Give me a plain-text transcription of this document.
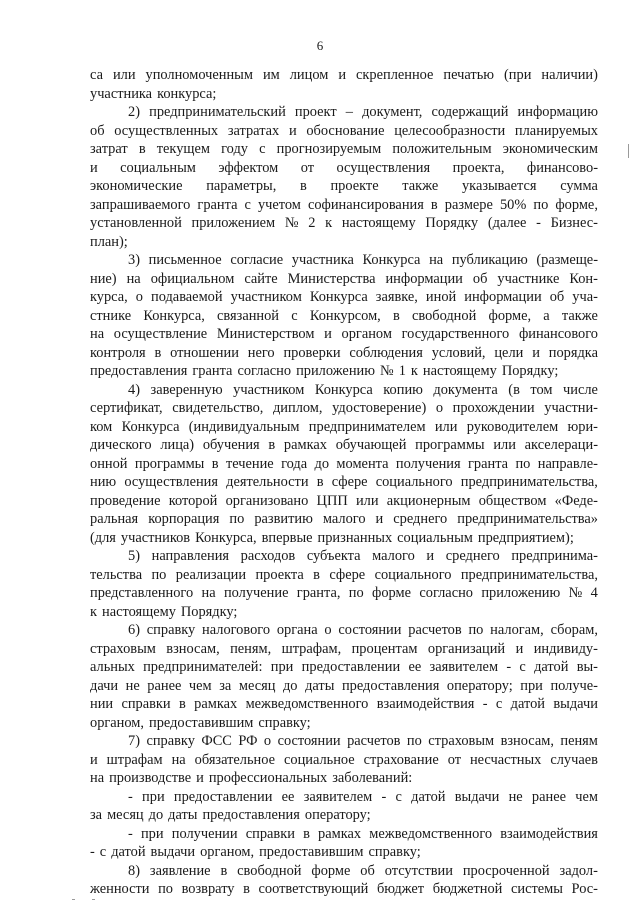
6
са или уполномоченным им лицом и скрепленное печатью (при наличии)
участника конкурса;
2) предпринимательский проект – документ, содержащий информацию
об осуществленных затратах и обоснование целесообразности планируемых
затрат в текущем году с прогнозируемым положительным экономическим
и социальным эффектом от осуществления проекта, финансово-
экономические параметры, в проекте также указывается сумма
запрашиваемого гранта с учетом софинансирования в размере 50% по форме,
установленной приложением № 2 к настоящему Порядку (далее - Бизнес-
план);
3) письменное согласие участника Конкурса на публикацию (размеще-
ние) на официальном сайте Министерства информации об участнике Кон-
курса, о подаваемой участником Конкурса заявке, иной информации об уча-
стнике Конкурса, связанной с Конкурсом, в свободной форме, а также
на осуществление Министерством и органом государственного финансового
контроля в отношении него проверки соблюдения условий, цели и порядка
предоставления гранта согласно приложению № 1 к настоящему Порядку;
4) заверенную участником Конкурса копию документа (в том числе
сертификат, свидетельство, диплом, удостоверение) о прохождении участни-
ком Конкурса (индивидуальным предпринимателем или руководителем юри-
дического лица) обучения в рамках обучающей программы или акселераци-
онной программы в течение года до момента получения гранта по направле-
нию осуществления деятельности в сфере социального предпринимательства,
проведение которой организовано ЦПП или акционерным обществом «Феде-
ральная корпорация по развитию малого и среднего предпринимательства»
(для участников Конкурса, впервые признанных социальным предприятием);
5) направления расходов субъекта малого и среднего предпринима-
тельства по реализации проекта в сфере социального предпринимательства,
представленного на получение гранта, по форме согласно приложению № 4
к настоящему Порядку;
6) справку налогового органа о состоянии расчетов по налогам, сборам,
страховым взносам, пеням, штрафам, процентам организаций и индивиду-
альных предпринимателей: при предоставлении ее заявителем - с датой вы-
дачи не ранее чем за месяц до даты предоставления оператору; при получе-
нии справки в рамках межведомственного взаимодействия - с датой выдачи
органом, предоставившим справку;
7) справку ФСС РФ о состоянии расчетов по страховым взносам, пеням
и штрафам на обязательное социальное страхование от несчастных случаев
на производстве и профессиональных заболеваний:
- при предоставлении ее заявителем - с датой выдачи не ранее чем
за месяц до даты предоставления оператору;
- при получении справки в рамках межведомственного взаимодействия
- с датой выдачи органом, предоставившим справку;
8) заявление в свободной форме об отсутствии просроченной задол-
женности по возврату в соответствующий бюджет бюджетной системы Рос-
